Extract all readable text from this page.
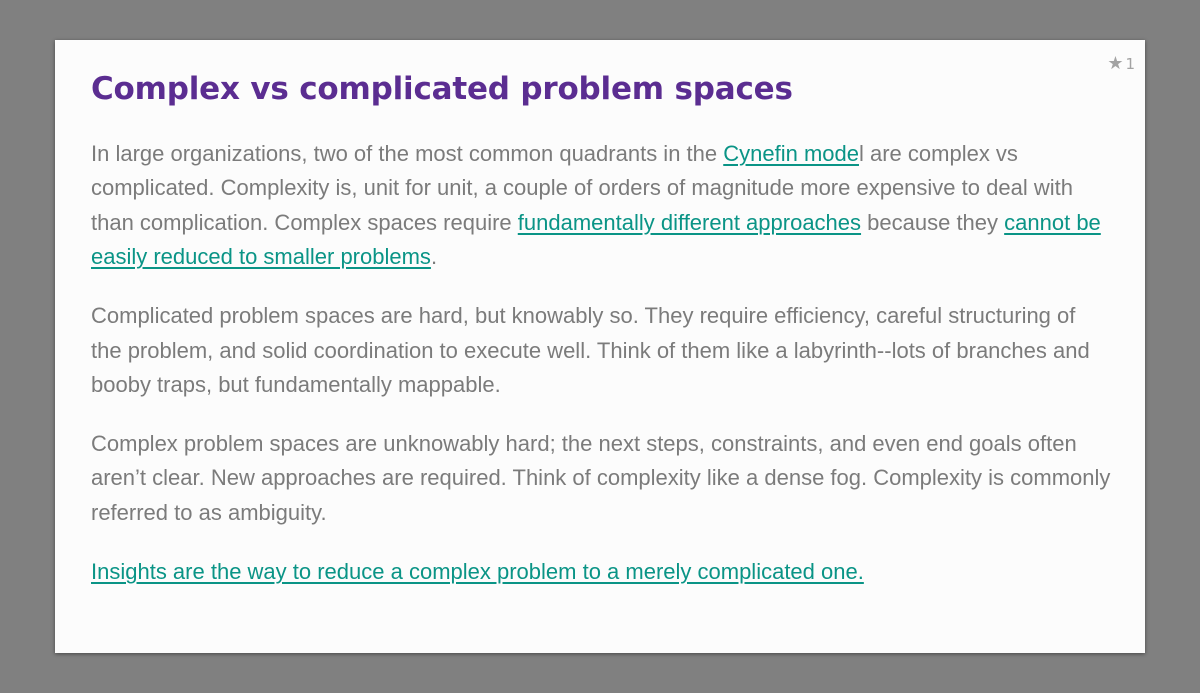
★ 1
Complex vs complicated problem spaces

In large organizations, two of the most common quadrants in the Cynefin model are complex vs complicated. Complexity is, unit for unit, a couple of orders of magnitude more expensive to deal with than complication. Complex spaces require fundamentally different approaches because they cannot be easily reduced to smaller problems.

Complicated problem spaces are hard, but knowably so. They require efficiency, careful structuring of the problem, and solid coordination to execute well. Think of them like a labyrinth--lots of branches and booby traps, but fundamentally mappable.

Complex problem spaces are unknowably hard; the next steps, constraints, and even end goals often aren’t clear. New approaches are required. Think of complexity like a dense fog. Complexity is commonly referred to as ambiguity.

Insights are the way to reduce a complex problem to a merely complicated one.
